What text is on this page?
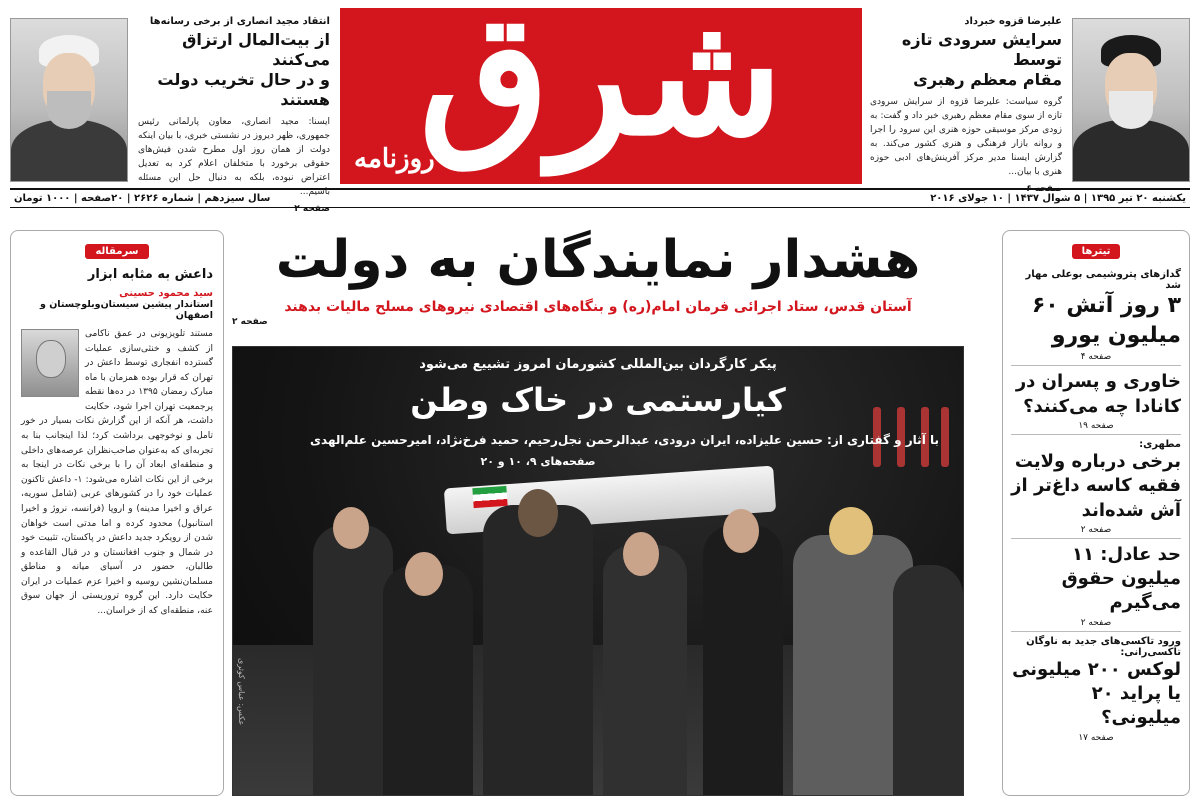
علیرضا قزوه خبرداد
سرایش سرودی تازه توسط
مقام معظم رهبری
گروه سیاست: علیرضا قزوه از سرایش سرودی تازه از سوی مقام معظم رهبری خبر داد و گفت: به زودی مرکز موسیقی حوزه هنری این سرود را اجرا و روانه بازار فرهنگی و هنری کشور می‌کند. به گزارش ایسنا مدیر مرکز آفرینش‌های ادبی حوزه هنری با بیان...
صفحه ۶
شرق
روزنامه
انتقاد مجید انصاری از برخی رسانه‌ها
از بیت‌المال ارتزاق می‌کنند
و در حال تخریب دولت هستند
ایسنا: مجید انصاری، معاون پارلمانی رئیس جمهوری، ظهر دیروز در نشستی خبری، با بیان اینکه دولت از همان روز اول مطرح شدن فیش‌های حقوقی برخورد با متخلفان اعلام کرد به تعدیل اعتراض نبوده، بلکه به دنبال حل این مسئله باشیم...
صفحه ۲
یکشنبه ۲۰ تیر ۱۳۹۵ | ۵ شوال ۱۴۳۷ | ۱۰ جولای ۲۰۱۶
سال سیزدهم | شماره ۲۶۲۶ | ۲۰صفحه | ۱۰۰۰ تومان
تیترها
گدازهای پتروشیمی بوعلی مهار شد
۳ روز آتش ۶۰ میلیون یورو
صفحه ۴
خاوری و پسران در کانادا چه می‌کنند؟
صفحه ۱۹
مطهری:
برخی درباره ولایت فقیه کاسه داغ‌تر از آش شده‌اند
صفحه ۲
حد عادل: ۱۱ میلیون حقوق می‌گیرم
صفحه ۲
ورود تاکسی‌های جدید به ناوگان تاکسی‌رانی:
لوکس ۲۰۰ میلیونی یا پراید ۲۰ میلیونی؟
صفحه ۱۷
سرمقاله
داعش به مثابه ابزار
سید محمود حسینی
استاندار پیشین سیستان‌وبلوچستان و اصفهان
مستند تلویزیونی در عمق ناکامی از کشف و خنثی‌سازی عملیات گسترده انفجاری توسط داعش در تهران که قرار بوده همزمان با ماه مبارک رمضان ۱۳۹۵ در ده‌ها نقطه پرجمعیت تهران اجرا شود، حکایت داشت، هر آنکه از این گزارش نکات بسیار در خور تامل و نوخوجهی برداشت کرد؛ لذا اینجانب بنا به تجربه‌ای که به‌عنوان صاحب‌نظران عرصه‌های داخلی و منطقه‌ای ابعاد آن را با برخی نکات در اینجا به برخی از این نکات اشاره می‌شود: ۱- داعش تاکنون عملیات خود را در کشورهای عربی (شامل سوریه، عراق و اخیرا مدینه) و اروپا (فرانسه، نروژ و اخیرا استانبول) محدود کرده و اما مدتی است خواهان شدن از رویکرد جدید داعش در پاکستان، تثبیت خود در شمال و جنوب افغانستان و در قبال القاعده و طالبان، حضور در آسیای میانه و مناطق مسلمان‌نشین روسیه و اخیرا عزم عملیات در ایران حکایت دارد. این گروه تروریستی از جهان سوق عنه، منطقه‌ای که از خراسان...
هشدار نمایندگان به دولت
آستان قدس، ستاد اجرائی فرمان امام(ره) و بنگاه‌های اقتصادی نیروهای مسلح مالیات بدهند
صفحه ۲
پیکر کارگردان بین‌المللی کشورمان امروز تشییع می‌شود
کیارستمی در خاک وطن
با آثار و گفتاری از: حسین علیزاده، ایران درودی، عبدالرحمن نجل‌رحیم، حمید فرخ‌نژاد، امیرحسین علم‌الهدی
صفحه‌های ۹، ۱۰ و ۲۰
عکس: عباس کوثری
